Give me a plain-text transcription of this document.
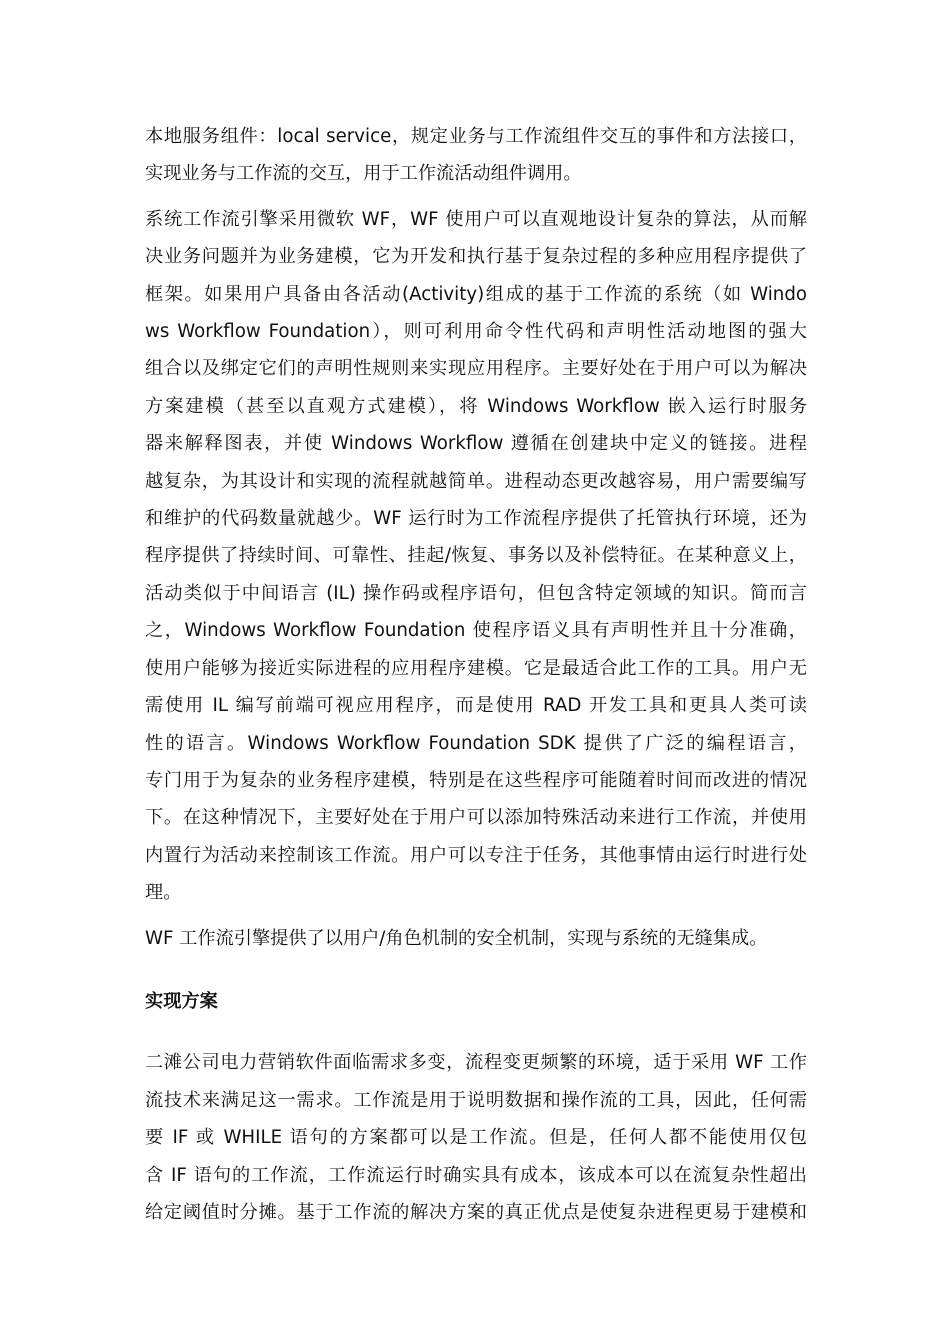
本地服务组件：local service，规定业务与工作流组件交互的事件和方法接口，
实现业务与工作流的交互，用于工作流活动组件调用。

系统工作流引擎采用微软 WF，WF 使用户可以直观地设计复杂的算法，从而解
决业务问题并为业务建模，它为开发和执行基于复杂过程的多种应用程序提供了
框架。如果用户具备由各活动(Activity)组成的基于工作流的系统（如 Windo
ws Workflow Foundation），则可利用命令性代码和声明性活动地图的强大
组合以及绑定它们的声明性规则来实现应用程序。主要好处在于用户可以为解决
方案建模（甚至以直观方式建模），将 Windows Workflow 嵌入运行时服务
器来解释图表，并使 Windows Workflow 遵循在创建块中定义的链接。进程
越复杂，为其设计和实现的流程就越简单。进程动态更改越容易，用户需要编写
和维护的代码数量就越少。WF 运行时为工作流程序提供了托管执行环境，还为
程序提供了持续时间、可靠性、挂起/恢复、事务以及补偿特征。在某种意义上，
活动类似于中间语言 (IL) 操作码或程序语句，但包含特定领域的知识。简而言
之，Windows Workflow Foundation 使程序语义具有声明性并且十分准确，
使用户能够为接近实际进程的应用程序建模。它是最适合此工作的工具。用户无
需使用 IL 编写前端可视应用程序，而是使用 RAD 开发工具和更具人类可读
性的语言。Windows Workflow Foundation SDK 提供了广泛的编程语言，
专门用于为复杂的业务程序建模，特别是在这些程序可能随着时间而改进的情况
下。在这种情况下，主要好处在于用户可以添加特殊活动来进行工作流，并使用
内置行为活动来控制该工作流。用户可以专注于任务，其他事情由运行时进行处
理。

WF 工作流引擎提供了以用户/角色机制的安全机制，实现与系统的无缝集成。

实现方案

二滩公司电力营销软件面临需求多变，流程变更频繁的环境，适于采用 WF 工作
流技术来满足这一需求。工作流是用于说明数据和操作流的工具，因此，任何需
要 IF 或 WHILE 语句的方案都可以是工作流。但是，任何人都不能使用仅包
含 IF 语句的工作流，工作流运行时确实具有成本，该成本可以在流复杂性超出
给定阈值时分摊。基于工作流的解决方案的真正优点是使复杂进程更易于建模和
